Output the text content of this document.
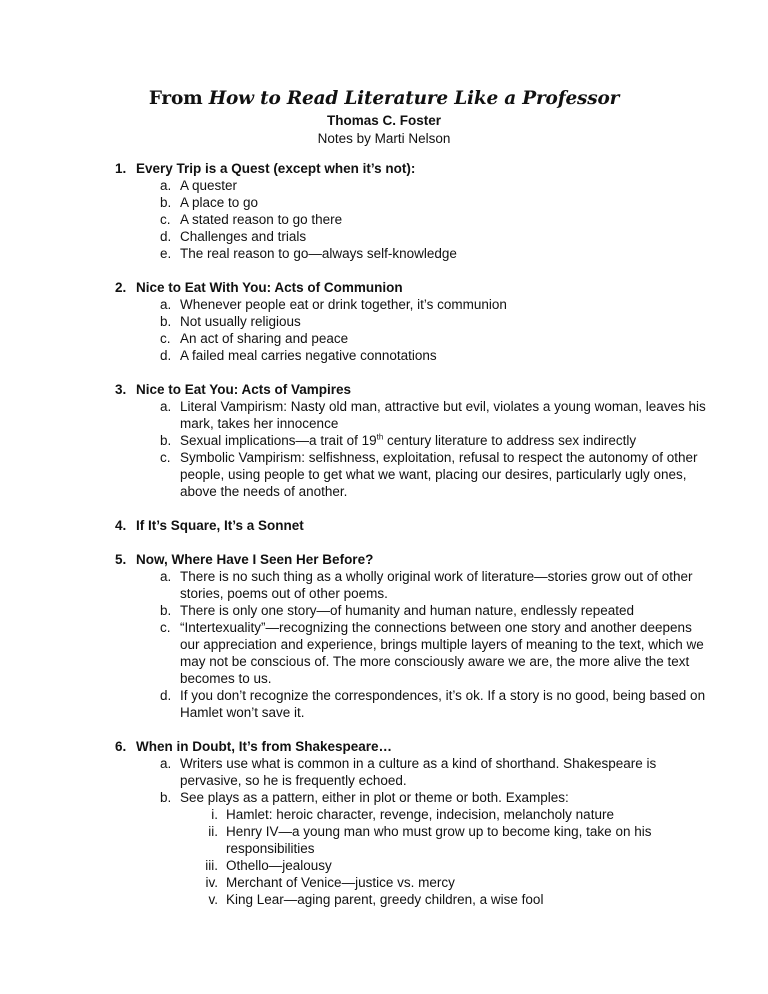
From How to Read Literature Like a Professor
Thomas C. Foster
Notes by Marti Nelson
1. Every Trip is a Quest (except when it’s not):
a. A quester
b. A place to go
c. A stated reason to go there
d. Challenges and trials
e. The real reason to go—always self-knowledge
2. Nice to Eat With You: Acts of Communion
a. Whenever people eat or drink together, it’s communion
b. Not usually religious
c. An act of sharing and peace
d. A failed meal carries negative connotations
3. Nice to Eat You: Acts of Vampires
a. Literal Vampirism: Nasty old man, attractive but evil, violates a young woman, leaves his mark, takes her innocence
b. Sexual implications—a trait of 19th century literature to address sex indirectly
c. Symbolic Vampirism: selfishness, exploitation, refusal to respect the autonomy of other people, using people to get what we want, placing our desires, particularly ugly ones, above the needs of another.
4. If It’s Square, It’s a Sonnet
5. Now, Where Have I Seen Her Before?
a. There is no such thing as a wholly original work of literature—stories grow out of other stories, poems out of other poems.
b. There is only one story—of humanity and human nature, endlessly repeated
c. “Intertexuality”—recognizing the connections between one story and another deepens our appreciation and experience, brings multiple layers of meaning to the text, which we may not be conscious of. The more consciously aware we are, the more alive the text becomes to us.
d. If you don’t recognize the correspondences, it’s ok. If a story is no good, being based on Hamlet won’t save it.
6. When in Doubt, It’s from Shakespeare…
a. Writers use what is common in a culture as a kind of shorthand. Shakespeare is pervasive, so he is frequently echoed.
b. See plays as a pattern, either in plot or theme or both. Examples:
i. Hamlet: heroic character, revenge, indecision, melancholy nature
ii. Henry IV—a young man who must grow up to become king, take on his responsibilities
iii. Othello—jealousy
iv. Merchant of Venice—justice vs. mercy
v. King Lear—aging parent, greedy children, a wise fool
